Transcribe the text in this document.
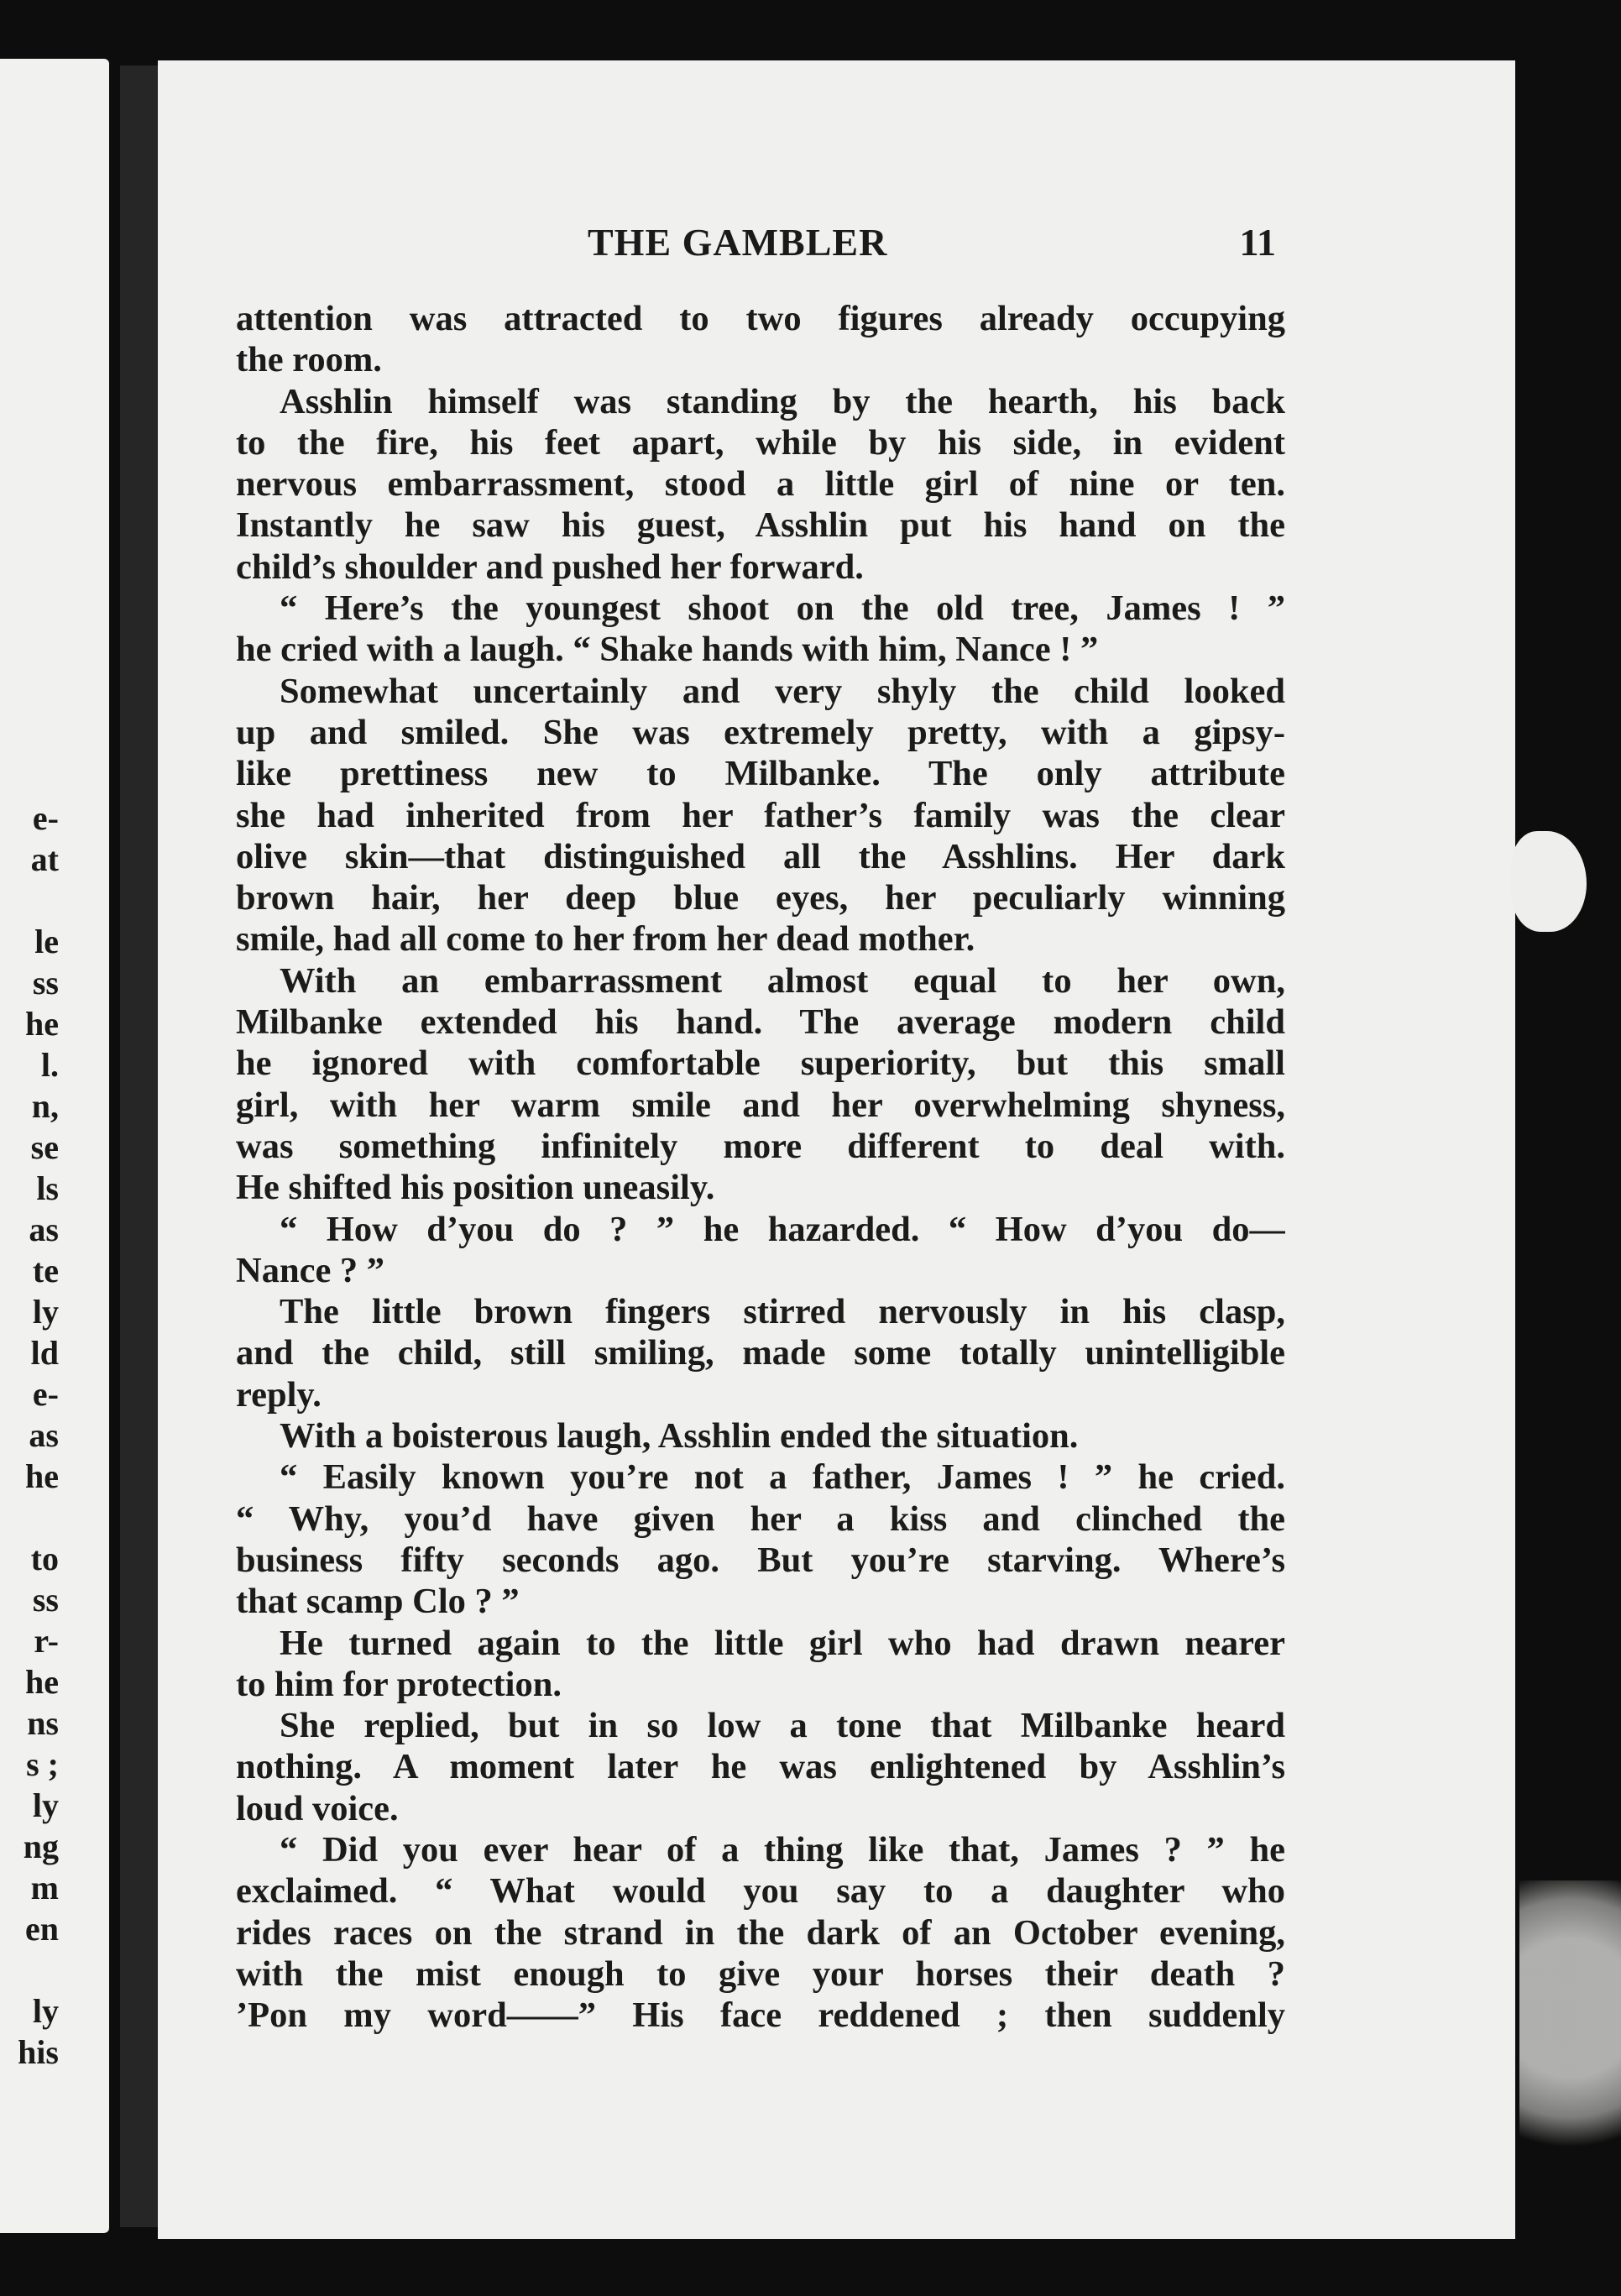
e-
at
le
ss
he
l.
n,
se
ls
as
te
ly
ld
e-
as
he
to
ss
r-
he
ns
s ;
ly
ng
m
en
ly
his
THE GAMBLER	11
attention was attracted to two figures already occupying
the room.
Asshlin himself was standing by the hearth, his back
to the fire, his feet apart, while by his side, in evident
nervous embarrassment, stood a little girl of nine or ten.
Instantly he saw his guest, Asshlin put his hand on the
child’s shoulder and pushed her forward.
“ Here’s the youngest shoot on the old tree, James ! ”
he cried with a laugh. “ Shake hands with him, Nance ! ”
Somewhat uncertainly and very shyly the child looked
up and smiled. She was extremely pretty, with a gipsy-
like prettiness new to Milbanke. The only attribute
she had inherited from her father’s family was the clear
olive skin—that distinguished all the Asshlins. Her dark
brown hair, her deep blue eyes, her peculiarly winning
smile, had all come to her from her dead mother.
With an embarrassment almost equal to her own,
Milbanke extended his hand. The average modern child
he ignored with comfortable superiority, but this small
girl, with her warm smile and her overwhelming shyness,
was something infinitely more different to deal with.
He shifted his position uneasily.
“ How d’you do ? ” he hazarded. “ How d’you do—
Nance ? ”
The little brown fingers stirred nervously in his clasp,
and the child, still smiling, made some totally unintelligible
reply.
With a boisterous laugh, Asshlin ended the situation.
“ Easily known you’re not a father, James ! ” he cried.
“ Why, you’d have given her a kiss and clinched the
business fifty seconds ago. But you’re starving. Where’s
that scamp Clo ? ”
He turned again to the little girl who had drawn nearer
to him for protection.
She replied, but in so low a tone that Milbanke heard
nothing. A moment later he was enlightened by Asshlin’s
loud voice.
“ Did you ever hear of a thing like that, James ? ” he
exclaimed. “ What would you say to a daughter who
rides races on the strand in the dark of an October evening,
with the mist enough to give your horses their death ?
’Pon my word——” His face reddened ; then suddenly
